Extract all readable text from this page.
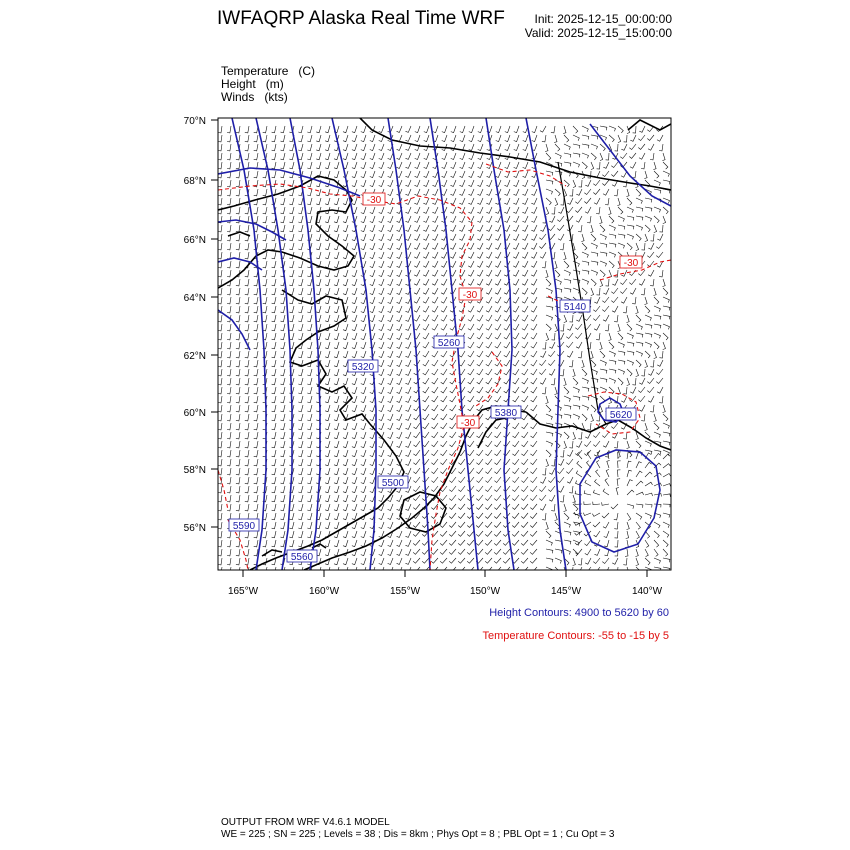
IWFAQRP Alaska Real Time WRF Init: 2025-12-15_00:00:00
Valid: 2025-12-15_15:00:00
Temperature (C)
Height (m)
Winds (kts)
70°N
68°N
66°N
64°N
62°N
60°N
58°N
56°N
165°W	160°W	155°W	150°W	145°W	140°W
5590
5320
5260
5140
5380
5500
5560
5620
-30
-30
-30
-30
Height Contours: 4900 to 5620 by 60
Temperature Contours: -55 to -15 by 5
OUTPUT FROM WRF V4.6.1 MODEL
WE = 225 ; SN = 225 ; Levels = 38 ; Dis = 8km ; Phys Opt = 8 ; PBL Opt = 1 ; Cu Opt = 3
